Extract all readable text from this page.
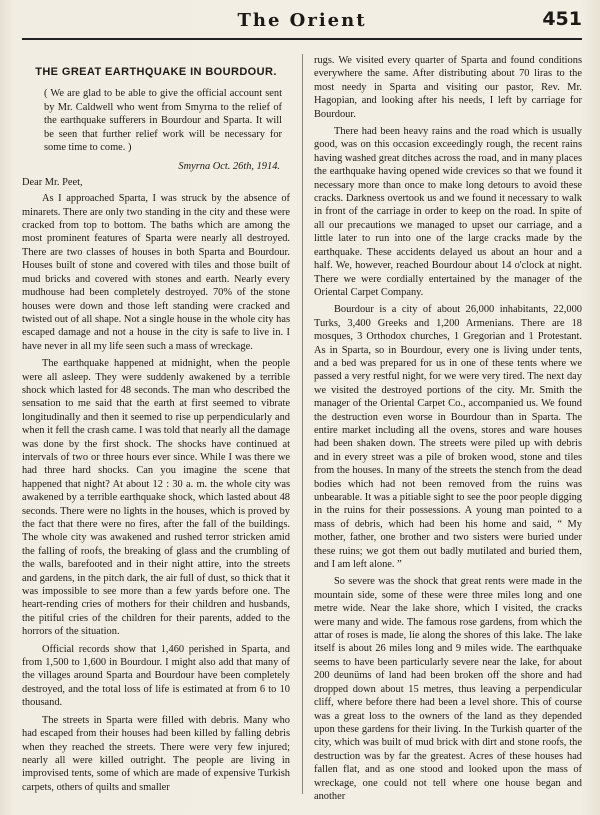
The Orient	451
THE GREAT EARTHQUAKE IN BOURDOUR.
( We are glad to be able to give the official account sent by Mr. Caldwell who went from Smyrna to the relief of the earthquake sufferers in Bourdour and Sparta. It will be seen that further relief work will be necessary for some time to come. )
Smyrna Oct. 26th, 1914.
Dear Mr. Peet,

As I approached Sparta, I was struck by the absence of minarets. There are only two standing in the city and these were cracked from top to bottom. The baths which are among the most prominent features of Sparta were nearly all destroyed. There are two classes of houses in both Sparta and Bourdour. Houses built of stone and covered with tiles and those built of mud bricks and covered with stones and earth. Nearly every mudhouse had been completely destroyed. 70% of the stone houses were down and those left standing were cracked and twisted out of all shape. Not a single house in the whole city has escaped damage and not a house in the city is safe to live in. I have never in all my life seen such a mass of wreckage.

The earthquake happened at midnight, when the people were all asleep. They were suddenly awakened by a terrible shock which lasted for 48 seconds. The man who described the sensation to me said that the earth at first seemed to vibrate longitudinally and then it seemed to rise up perpendicularly and when it fell the crash came. I was told that nearly all the damage was done by the first shock. The shocks have continued at intervals of two or three hours ever since. While I was there we had three hard shocks. Can you imagine the scene that happened that night? At about 12 : 30 a. m. the whole city was awakened by a terrible earthquake shock, which lasted about 48 seconds. There were no lights in the houses, which is proved by the fact that there were no fires, after the fall of the buildings. The whole city was awakened and rushed terror stricken amid the falling of roofs, the breaking of glass and the crumbling of the walls, barefooted and in their night attire, into the streets and gardens, in the pitch dark, the air full of dust, so thick that it was impossible to see more than a few yards before one. The heart-rending cries of mothers for their children and husbands, the pitiful cries of the children for their parents, added to the horrors of the situation.

Official records show that 1,460 perished in Sparta, and from 1,500 to 1,600 in Bourdour. I might also add that many of the villages around Sparta and Bourdour have been completely destroyed, and the total loss of life is estimated at from 6 to 10 thousand.

The streets in Sparta were filled with debris. Many who had escaped from their houses had been killed by falling debris when they reached the streets. There were very few injured; nearly all were killed outright. The people are living in improvised tents, some of which are made of expensive Turkish carpets, others of quilts and smaller

rugs. We visited every quarter of Sparta and found conditions everywhere the same. After distributing about 70 liras to the most needy in Sparta and visiting our pastor, Rev. Mr. Hagopian, and looking after his needs, I left by carriage for Bourdour.

There had been heavy rains and the road which is usually good, was on this occasion exceedingly rough, the recent rains having washed great ditches across the road, and in many places the earthquake having opened wide crevices so that we found it necessary more than once to make long detours to avoid these cracks. Darkness overtook us and we found it necessary to walk in front of the carriage in order to keep on the road. In spite of all our precautions we managed to upset our carriage, and a little later to run into one of the large cracks made by the earthquake. These accidents delayed us about an hour and a half. We, however, reached Bourdour about 14 o'clock at night. There we were cordially entertained by the manager of the Oriental Carpet Company.

Bourdour is a city of about 26,000 inhabitants, 22,000 Turks, 3,400 Greeks and 1,200 Armenians. There are 18 mosques, 3 Orthodox churches, 1 Gregorian and 1 Protestant. As in Sparta, so in Bourdour, every one is living under tents, and a bed was prepared for us in one of these tents where we passed a very restful night, for we were very tired. The next day we visited the destroyed portions of the city. Mr. Smith the manager of the Oriental Carpet Co., accompanied us. We found the destruction even worse in Bourdour than in Sparta. The entire market including all the ovens, stores and ware houses had been shaken down. The streets were piled up with debris and in every street was a pile of broken wood, stone and tiles from the houses. In many of the streets the stench from the dead bodies which had not been removed from the ruins was unbearable. It was a pitiable sight to see the poor people digging in the ruins for their possessions. A young man pointed to a mass of debris, which had been his home and said, “ My mother, father, one brother and two sisters were buried under these ruins; we got them out badly mutilated and buried them, and I am left alone. ”

So severe was the shock that great rents were made in the mountain side, some of these were three miles long and one metre wide. Near the lake shore, which I visited, the cracks were many and wide. The famous rose gardens, from which the attar of roses is made, lie along the shores of this lake. The lake itself is about 26 miles long and 9 miles wide. The earthquake seems to have been particularly severe near the lake, for about 200 deunüms of land had been broken off the shore and had dropped down about 15 metres, thus leaving a perpendicular cliff, where before there had been a level shore. This of course was a great loss to the owners of the land as they depended upon these gardens for their living. In the Turkish quarter of the city, which was built of mud brick with dirt and stone roofs, the destruction was by far the greatest. Acres of these houses had fallen flat, and as one stood and looked upon the mass of wreckage, one could not tell where one house began and another
